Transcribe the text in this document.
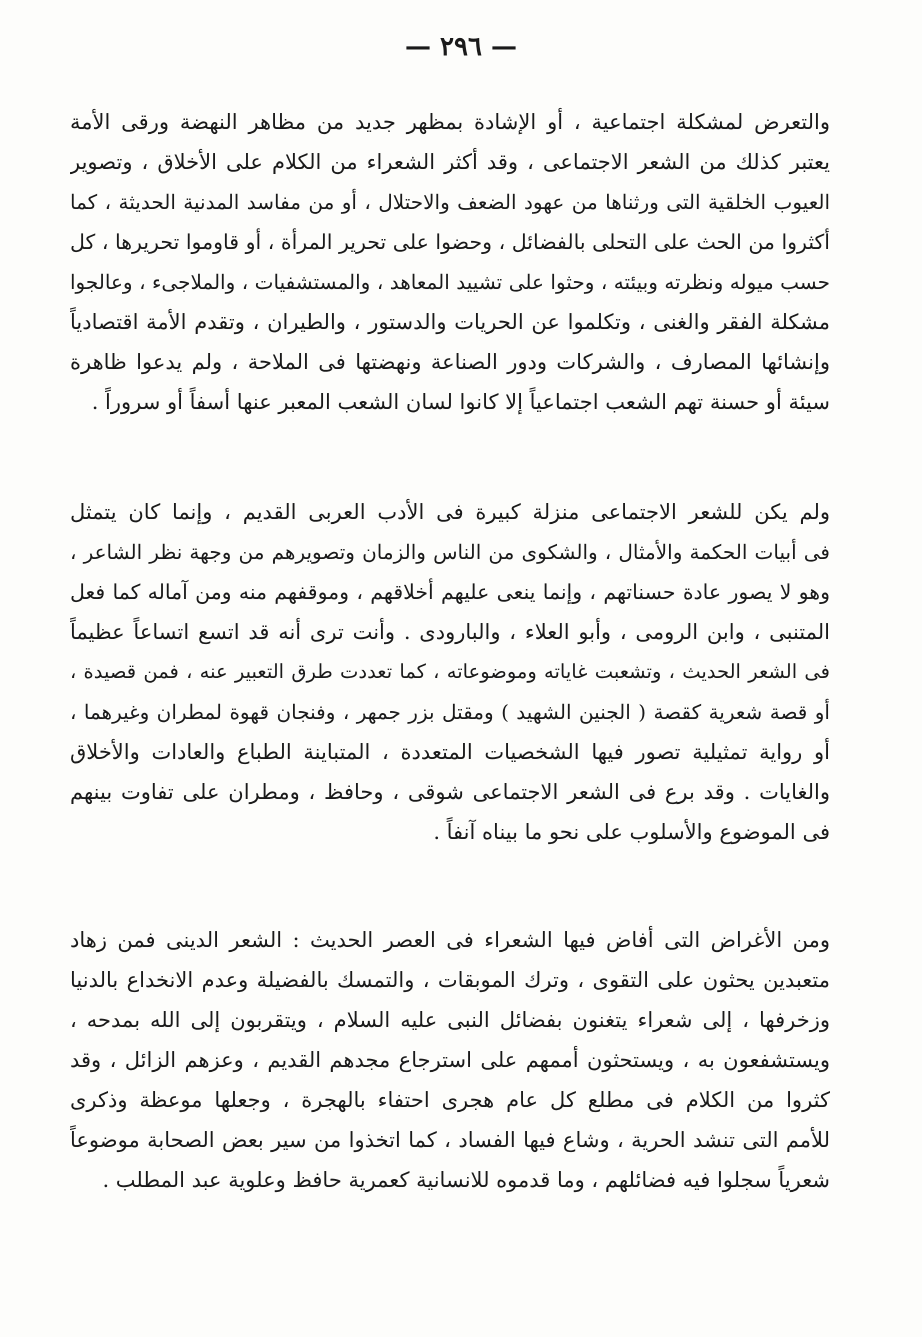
— ٢٩٦ —
والتعرض لمشكلة اجتماعية ، أو الإشادة بمظهر جديد من مظاهر النهضة ورقى الأمة
يعتبر كذلك من الشعر الاجتماعى ، وقد أكثر الشعراء من الكلام على الأخلاق ، وتصوير
العيوب الخلقية التى ورثناها من عهود الضعف والاحتلال ، أو من مفاسد المدنية الحديثة ، كما
أكثروا من الحث على التحلى بالفضائل ، وحضوا على تحرير المرأة ، أو قاوموا تحريرها ، كل
حسب ميوله ونظرته وبيئته ، وحثوا على تشييد المعاهد ، والمستشفيات ، والملاجىء ، وعالجوا
مشكلة الفقر والغنى ، وتكلموا عن الحريات والدستور ، والطيران ، وتقدم الأمة اقتصادياً
وإنشائها المصارف ، والشركات ودور الصناعة ونهضتها فى الملاحة ، ولم يدعوا ظاهرة
سيئة أو حسنة تهم الشعب اجتماعياً إلا كانوا لسان الشعب المعبر عنها أسفاً أو سروراً .
ولم يكن للشعر الاجتماعى منزلة كبيرة فى الأدب العربى القديم ، وإنما كان يتمثل
فى أبيات الحكمة والأمثال ، والشكوى من الناس والزمان وتصويرهم من وجهة نظر الشاعر ،
وهو لا يصور عادة حسناتهم ، وإنما ينعى عليهم أخلاقهم ، وموقفهم منه ومن آماله كما فعل
المتنبى ، وابن الرومى ، وأبو العلاء ، والبارودى . وأنت ترى أنه قد اتسع اتساعاً عظيماً
فى الشعر الحديث ، وتشعبت غاياته وموضوعاته ، كما تعددت طرق التعبير عنه ، فمن قصيدة ،
أو قصة شعرية كقصة ( الجنين الشهيد ) ومقتل بزر جمهر ، وفنجان قهوة لمطران وغيرهما ،
أو رواية تمثيلية تصور فيها الشخصيات المتعددة ، المتباينة الطباع والعادات والأخلاق
والغايات . وقد برع فى الشعر الاجتماعى شوقى ، وحافظ ، ومطران على تفاوت بينهم
فى الموضوع والأسلوب على نحو ما بيناه آنفاً .
ومن الأغراض التى أفاض فيها الشعراء فى العصر الحديث : الشعر الدينى فمن زهاد
متعبدين يحثون على التقوى ، وترك الموبقات ، والتمسك بالفضيلة وعدم الانخداع بالدنيا
وزخرفها ، إلى شعراء يتغنون بفضائل النبى عليه السلام ، ويتقربون إلى الله بمدحه ،
ويستشفعون به ، ويستحثون أممهم على استرجاع مجدهم القديم ، وعزهم الزائل ، وقد
كثروا من الكلام فى مطلع كل عام هجرى احتفاء بالهجرة ، وجعلها موعظة وذكرى
للأمم التى تنشد الحرية ، وشاع فيها الفساد ، كما اتخذوا من سير بعض الصحابة موضوعاً
شعرياً سجلوا فيه فضائلهم ، وما قدموه للانسانية كعمرية حافظ وعلوية عبد المطلب .
